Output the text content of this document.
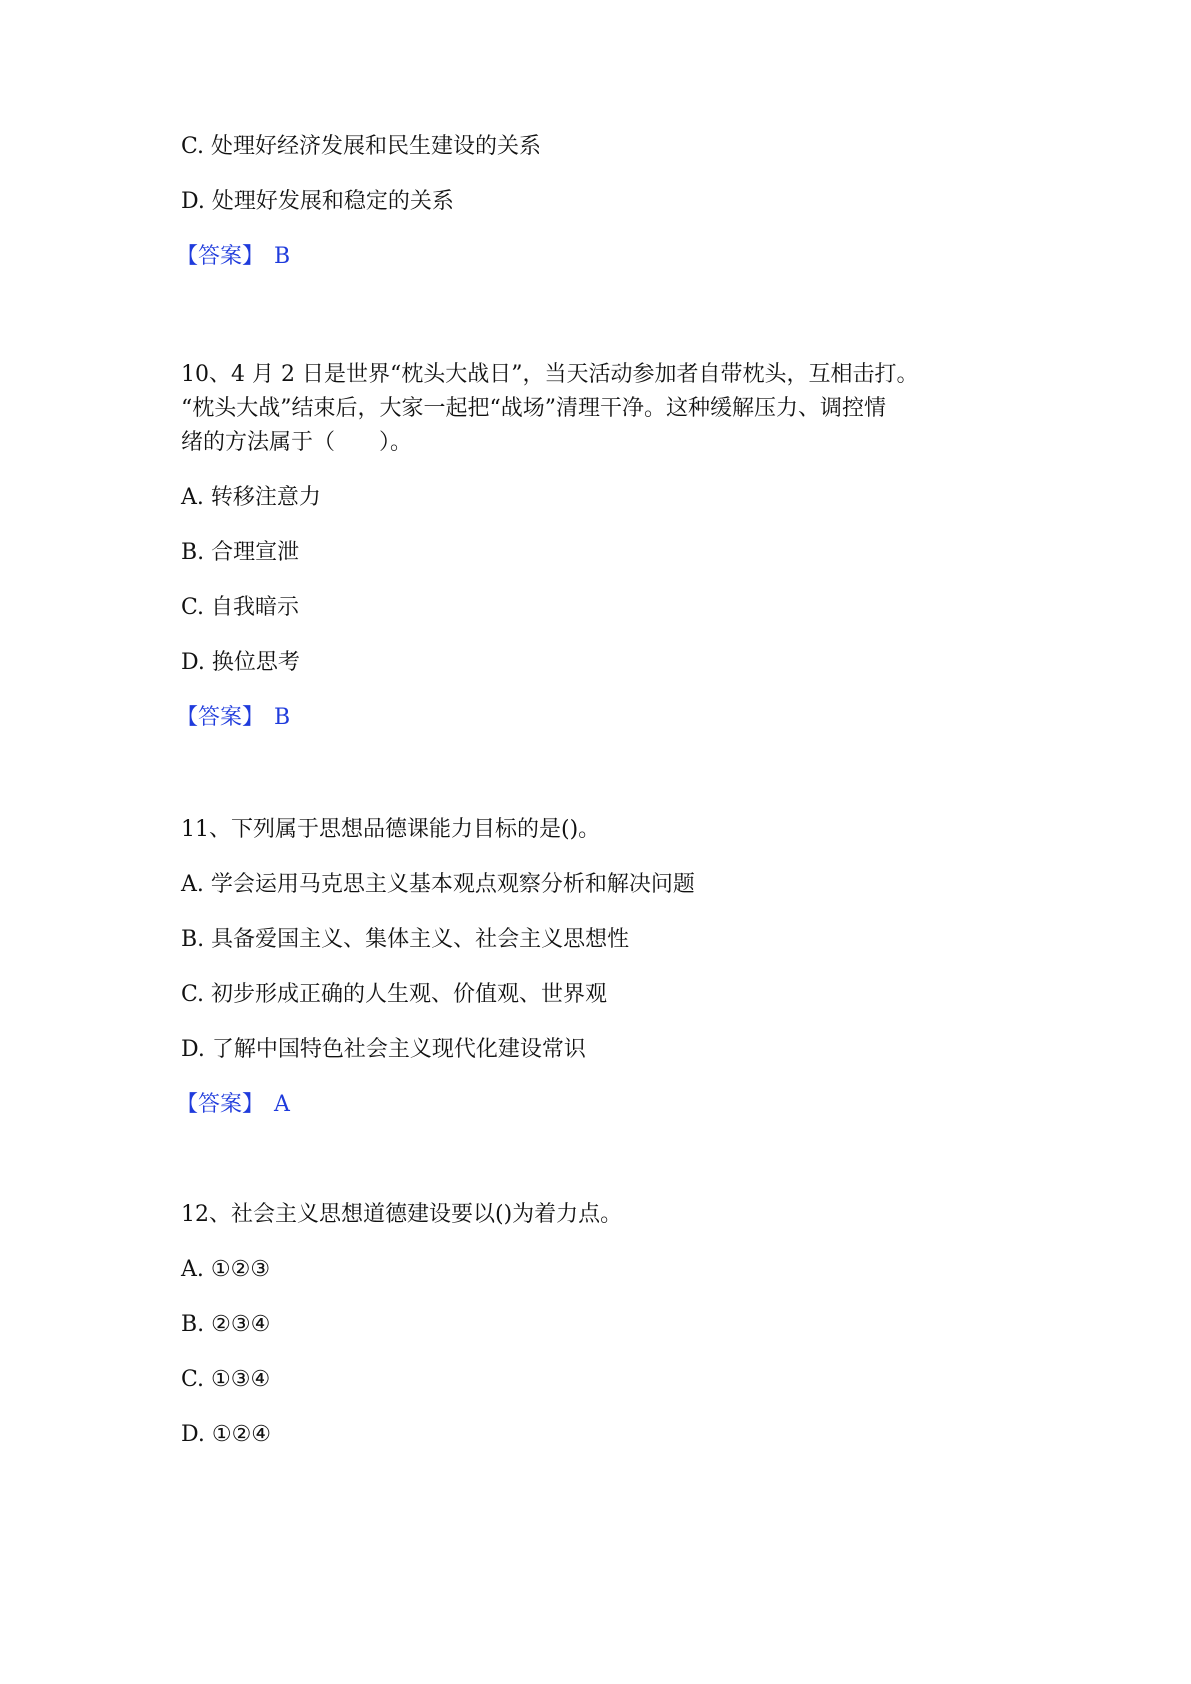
C. 处理好经济发展和民生建设的关系

D. 处理好发展和稳定的关系

【答案】 B

10、4 月 2 日是世界“枕头大战日”，当天活动参加者自带枕头，互相击打。

“枕头大战”结束后，大家一起把“战场”清理干净。这种缓解压力、调控情

绪的方法属于（　　）。

A. 转移注意力

B. 合理宣泄

C. 自我暗示

D. 换位思考

【答案】 B

11、下列属于思想品德课能力目标的是()。

A. 学会运用马克思主义基本观点观察分析和解决问题

B. 具备爱国主义、集体主义、社会主义思想性

C. 初步形成正确的人生观、价值观、世界观

D. 了解中国特色社会主义现代化建设常识

【答案】 A

12、社会主义思想道德建设要以()为着力点。

A. ①②③

B. ②③④

C. ①③④

D. ①②④
